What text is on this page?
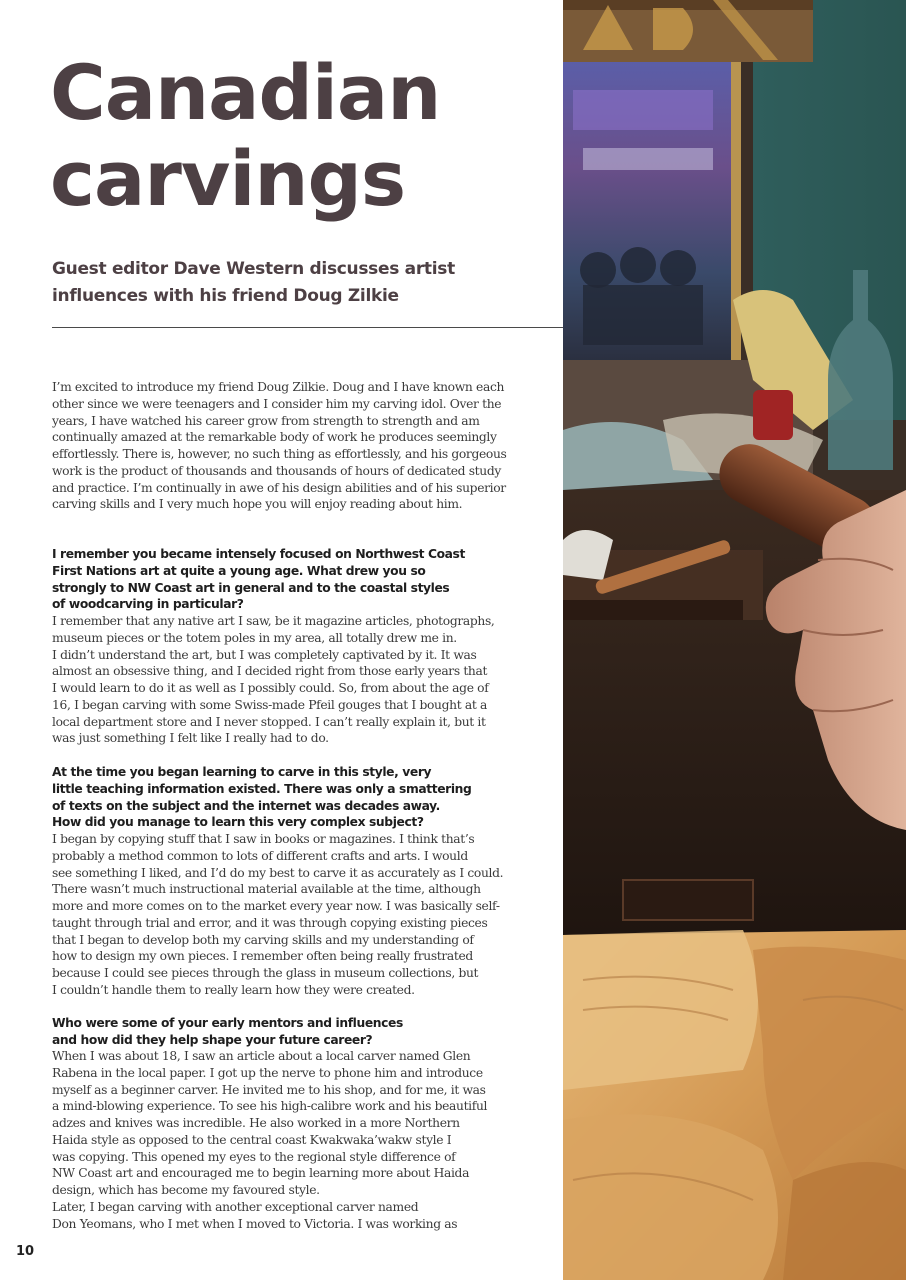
Canadian
carvings
Guest editor Dave Western discusses artist
influences with his friend Doug Zilkie

I’m excited to introduce my friend Doug Zilkie. Doug and I have known each
other since we were teenagers and I consider him my carving idol. Over the
years, I have watched his career grow from strength to strength and am
continually amazed at the remarkable body of work he produces seemingly
effortlessly. There is, however, no such thing as effortlessly, and his gorgeous
work is the product of thousands and thousands of hours of dedicated study
and practice. I’m continually in awe of his design abilities and of his superior
carving skills and I very much hope you will enjoy reading about him.

I remember you became intensely focused on Northwest Coast
First Nations art at quite a young age. What drew you so
strongly to NW Coast art in general and to the coastal styles
of woodcarving in particular?

I remember that any native art I saw, be it magazine articles, photographs,
museum pieces or the totem poles in my area, all totally drew me in.
I didn’t understand the art, but I was completely captivated by it. It was
almost an obsessive thing, and I decided right from those early years that
I would learn to do it as well as I possibly could. So, from about the age of
16, I began carving with some Swiss-made Pfeil gouges that I bought at a
local department store and I never stopped. I can’t really explain it, but it
was just something I felt like I really had to do.

At the time you began learning to carve in this style, very
little teaching information existed. There was only a smattering
of texts on the subject and the internet was decades away.
How did you manage to learn this very complex subject?

I began by copying stuff that I saw in books or magazines. I think that’s
probably a method common to lots of different crafts and arts. I would
see something I liked, and I’d do my best to carve it as accurately as I could.
There wasn’t much instructional material available at the time, although
more and more comes on to the market every year now. I was basically self-
taught through trial and error, and it was through copying existing pieces
that I began to develop both my carving skills and my understanding of
how to design my own pieces. I remember often being really frustrated
because I could see pieces through the glass in museum collections, but
I couldn’t handle them to really learn how they were created.

Who were some of your early mentors and influences
and how did they help shape your future career?

When I was about 18, I saw an article about a local carver named Glen
Rabena in the local paper. I got up the nerve to phone him and introduce
myself as a beginner carver. He invited me to his shop, and for me, it was
a mind-blowing experience. To see his high-calibre work and his beautiful
adzes and knives was incredible. He also worked in a more Northern
Haida style as opposed to the central coast Kwakwaka’wakw style I
was copying. This opened my eyes to the regional style difference of
NW Coast art and encouraged me to begin learning more about Haida
design, which has become my favoured style.
Later, I began carving with another exceptional carver named
Don Yeomans, who I met when I moved to Victoria. I was working as

10
